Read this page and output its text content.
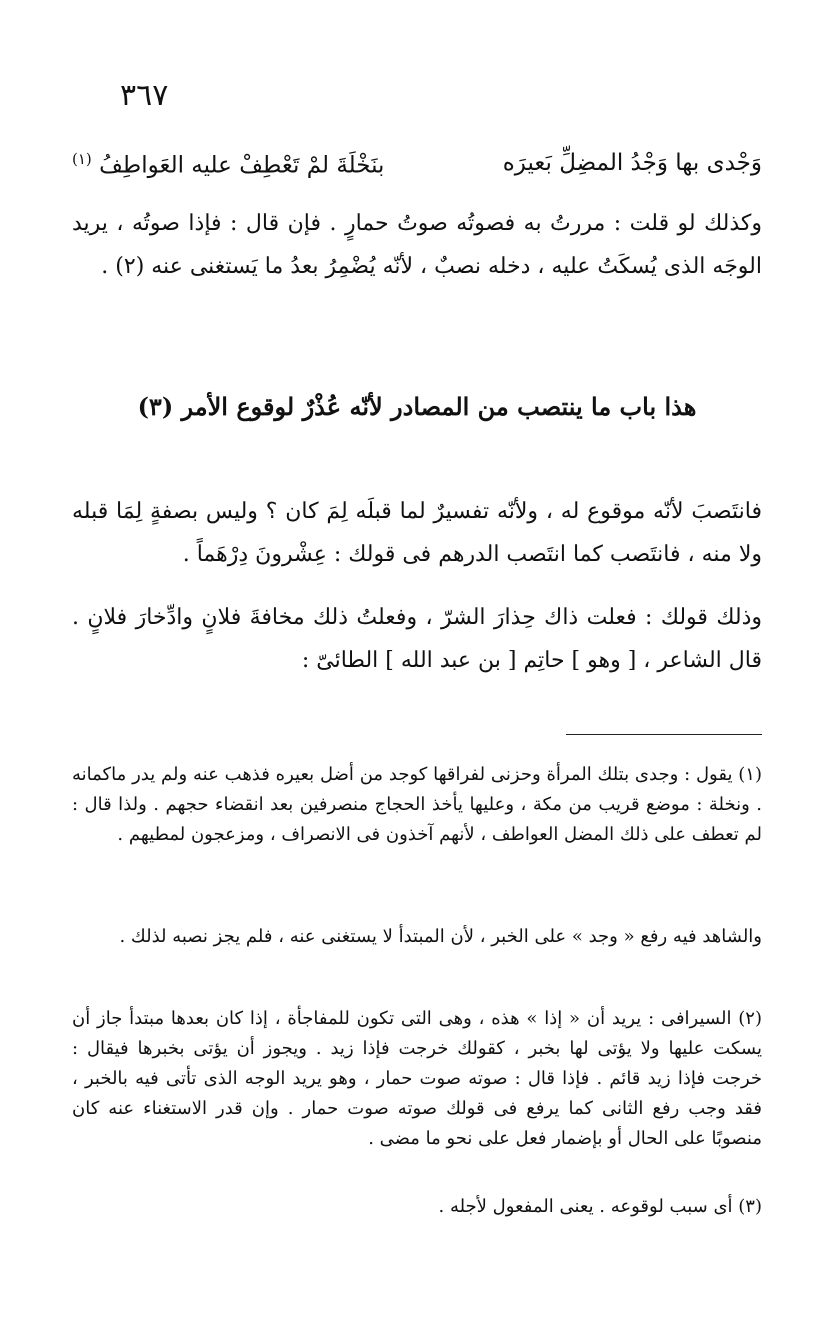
٣٦٧
وَجْدى بها وَجْدُ المضِلِّ بَعيرَه
بنَخْلَةَ لمْ تَعْطِفْ عليه العَواطِفُ $^{(١)}$

وكذلك لو قلت : مررتُ به فصوتُه صوتُ حمارٍ . فإن قال : فإذا صوتُه ، يريد الوجَه الذى يُسكَتُ عليه ، دخله نصبٌ ، لأنّه يُضْمِرُ بعدُ ما يَستغنى عنه (٢) .

هذا باب ما ينتصب من المصادر لأنّه عُذْرٌ لوقوع الأمر (٣)

فانتَصبَ لأنّه موقوع له ، ولأنّه تفسيرٌ لما قبلَه لِمَ كان ؟ وليس بصفةٍ لِمَا قبله ولا منه ، فانتَصب كما انتَصب الدرهم فى قولك : عِشْرونَ دِرْهَماً .

وذلك قولك : فعلت ذاك حِذارَ الشرّ ، وفعلتُ ذلك مخافةَ فلانٍ وادِّخارَ فلانٍ . قال الشاعر ، [ وهو ] حاتِم [ بن عبد الله ] الطائىّ :

(١) يقول : وجدى بتلك المرأة وحزنى لفراقها كوجد من أضل بعيره فذهب عنه ولم يدر ماكمانه . ونخلة : موضع قريب من مكة ، وعليها يأخذ الحجاج منصرفين بعد انقضاء حجهم . ولذا قال : لم تعطف على ذلك المضل العواطف ، لأنهم آخذون فى الانصراف ، ومزعجون لمطيهم .

والشاهد فيه رفع « وجد » على الخبر ، لأن المبتدأ لا يستغنى عنه ، فلم يجز نصبه لذلك .

(٢) السيرافى : يريد أن « إذا » هذه ، وهى التى تكون للمفاجأة ، إذا كان بعدها مبتدأ جاز أن يسكت عليها ولا يؤتى لها بخبر ، كقولك خرجت فإذا زيد . ويجوز أن يؤتى بخبرها فيقال : خرجت فإذا زيد قائم . فإذا قال : صوته صوت حمار ، وهو يريد الوجه الذى تأتى فيه بالخبر ، فقد وجب رفع الثانى كما يرفع فى قولك صوته صوت حمار . وإن قدر الاستغناء عنه كان منصوبًا على الحال أو بإضمار فعل على نحو ما مضى .

(٣) أى سبب لوقوعه . يعنى المفعول لأجله .
